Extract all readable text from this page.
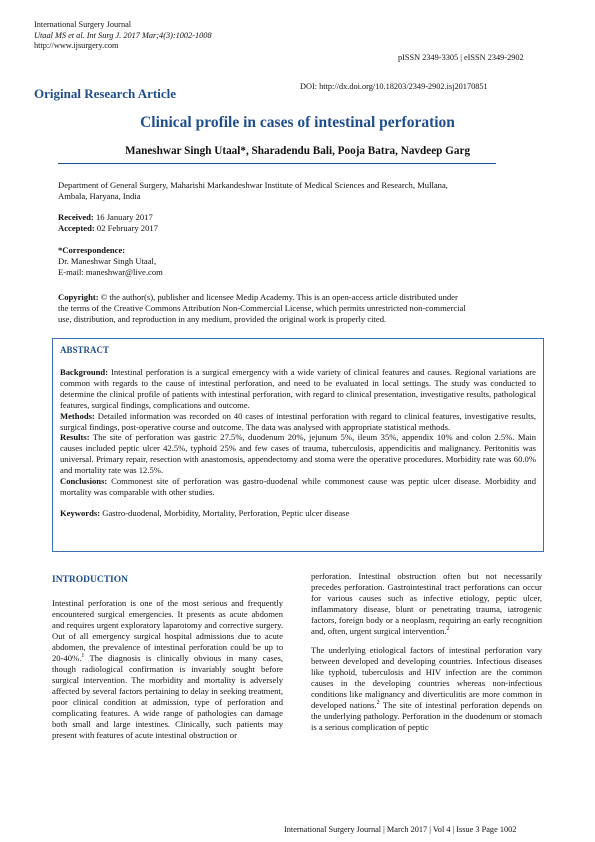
International Surgery Journal
Utaal MS et al. Int Surg J. 2017 Mar;4(3):1002-1008
http://www.ijsurgery.com
pISSN 2349-3305 | eISSN 2349-2902
Original Research Article	DOI: http://dx.doi.org/10.18203/2349-2902.isj20170851
Clinical profile in cases of intestinal perforation
Maneshwar Singh Utaal*, Sharadendu Bali, Pooja Batra, Navdeep Garg
Department of General Surgery, Maharishi Markandeshwar Institute of Medical Sciences and Research, Mullana,
Ambala, Haryana, India
Received: 16 January 2017
Accepted: 02 February 2017
*Correspondence:
Dr. Maneshwar Singh Utaal,
E-mail: maneshwar@live.com
Copyright: © the author(s), publisher and licensee Medip Academy. This is an open-access article distributed under
the terms of the Creative Commons Attribution Non-Commercial License, which permits unrestricted non-commercial
use, distribution, and reproduction in any medium, provided the original work is properly cited.
ABSTRACT
Background: Intestinal perforation is a surgical emergency with a wide variety of clinical features and causes. Regional variations are common with regards to the cause of intestinal perforation, and need to be evaluated in local settings. The study was conducted to determine the clinical profile of patients with intestinal perforation, with regard to clinical presentation, investigative results, pathological features, surgical findings, complications and outcome.
Methods: Detailed information was recorded on 40 cases of intestinal perforation with regard to clinical features, investigative results, surgical findings, post-operative course and outcome. The data was analysed with appropriate statistical methods.
Results: The site of perforation was gastric 27.5%, duodenum 20%, jejunum 5%, ileum 35%, appendix 10% and colon 2.5%. Main causes included peptic ulcer 42.5%, typhoid 25% and few cases of trauma, tuberculosis, appendicitis and malignancy. Peritonitis was universal. Primary repair, resection with anastomosis, appendectomy and stoma were the operative procedures. Morbidity rate was 60.0% and mortality rate was 12.5%.
Conclusions: Commonest site of perforation was gastro-duodenal while commonest cause was peptic ulcer disease. Morbidity and mortality was comparable with other studies.
Keywords: Gastro-duodenal, Morbidity, Mortality, Perforation, Peptic ulcer disease
INTRODUCTION

Intestinal perforation is one of the most serious and frequently encountered surgical emergencies. It presents as acute abdomen and requires urgent exploratory laparotomy and corrective surgery. Out of all emergency surgical hospital admissions due to acute abdomen, the prevalence of intestinal perforation could be up to 20-40%.$^1$ The diagnosis is clinically obvious in many cases, though radiological confirmation is invariably sought before surgical intervention. The morbidity and mortality is adversely affected by several factors pertaining to delay in seeking treatment, poor clinical condition at admission, type of perforation and complicating features. A wide range of pathologies can damage both small and large intestines. Clinically, such patients may present with features of acute intestinal obstruction or

perforation. Intestinal obstruction often but not necessarily precedes perforation. Gastrointestinal tract perforations can occur for various causes such as infective etiology, peptic ulcer, inflammatory disease, blunt or penetrating trauma, iatrogenic factors, foreign body or a neoplasm, requiring an early recognition and, often, urgent surgical intervention.$^2$

The underlying etiological factors of intestinal perforation vary between developed and developing countries. Infectious diseases like typhoid, tuberculosis and HIV infection are the common causes in the developing countries whereas non-infectious conditions like malignancy and diverticulitis are more common in developed nations.$^2$ The site of intestinal perforation depends on the underlying pathology. Perforation in the duodenum or stomach is a serious complication of peptic

International Surgery Journal | March 2017 | Vol 4 | Issue 3 Page 1002
